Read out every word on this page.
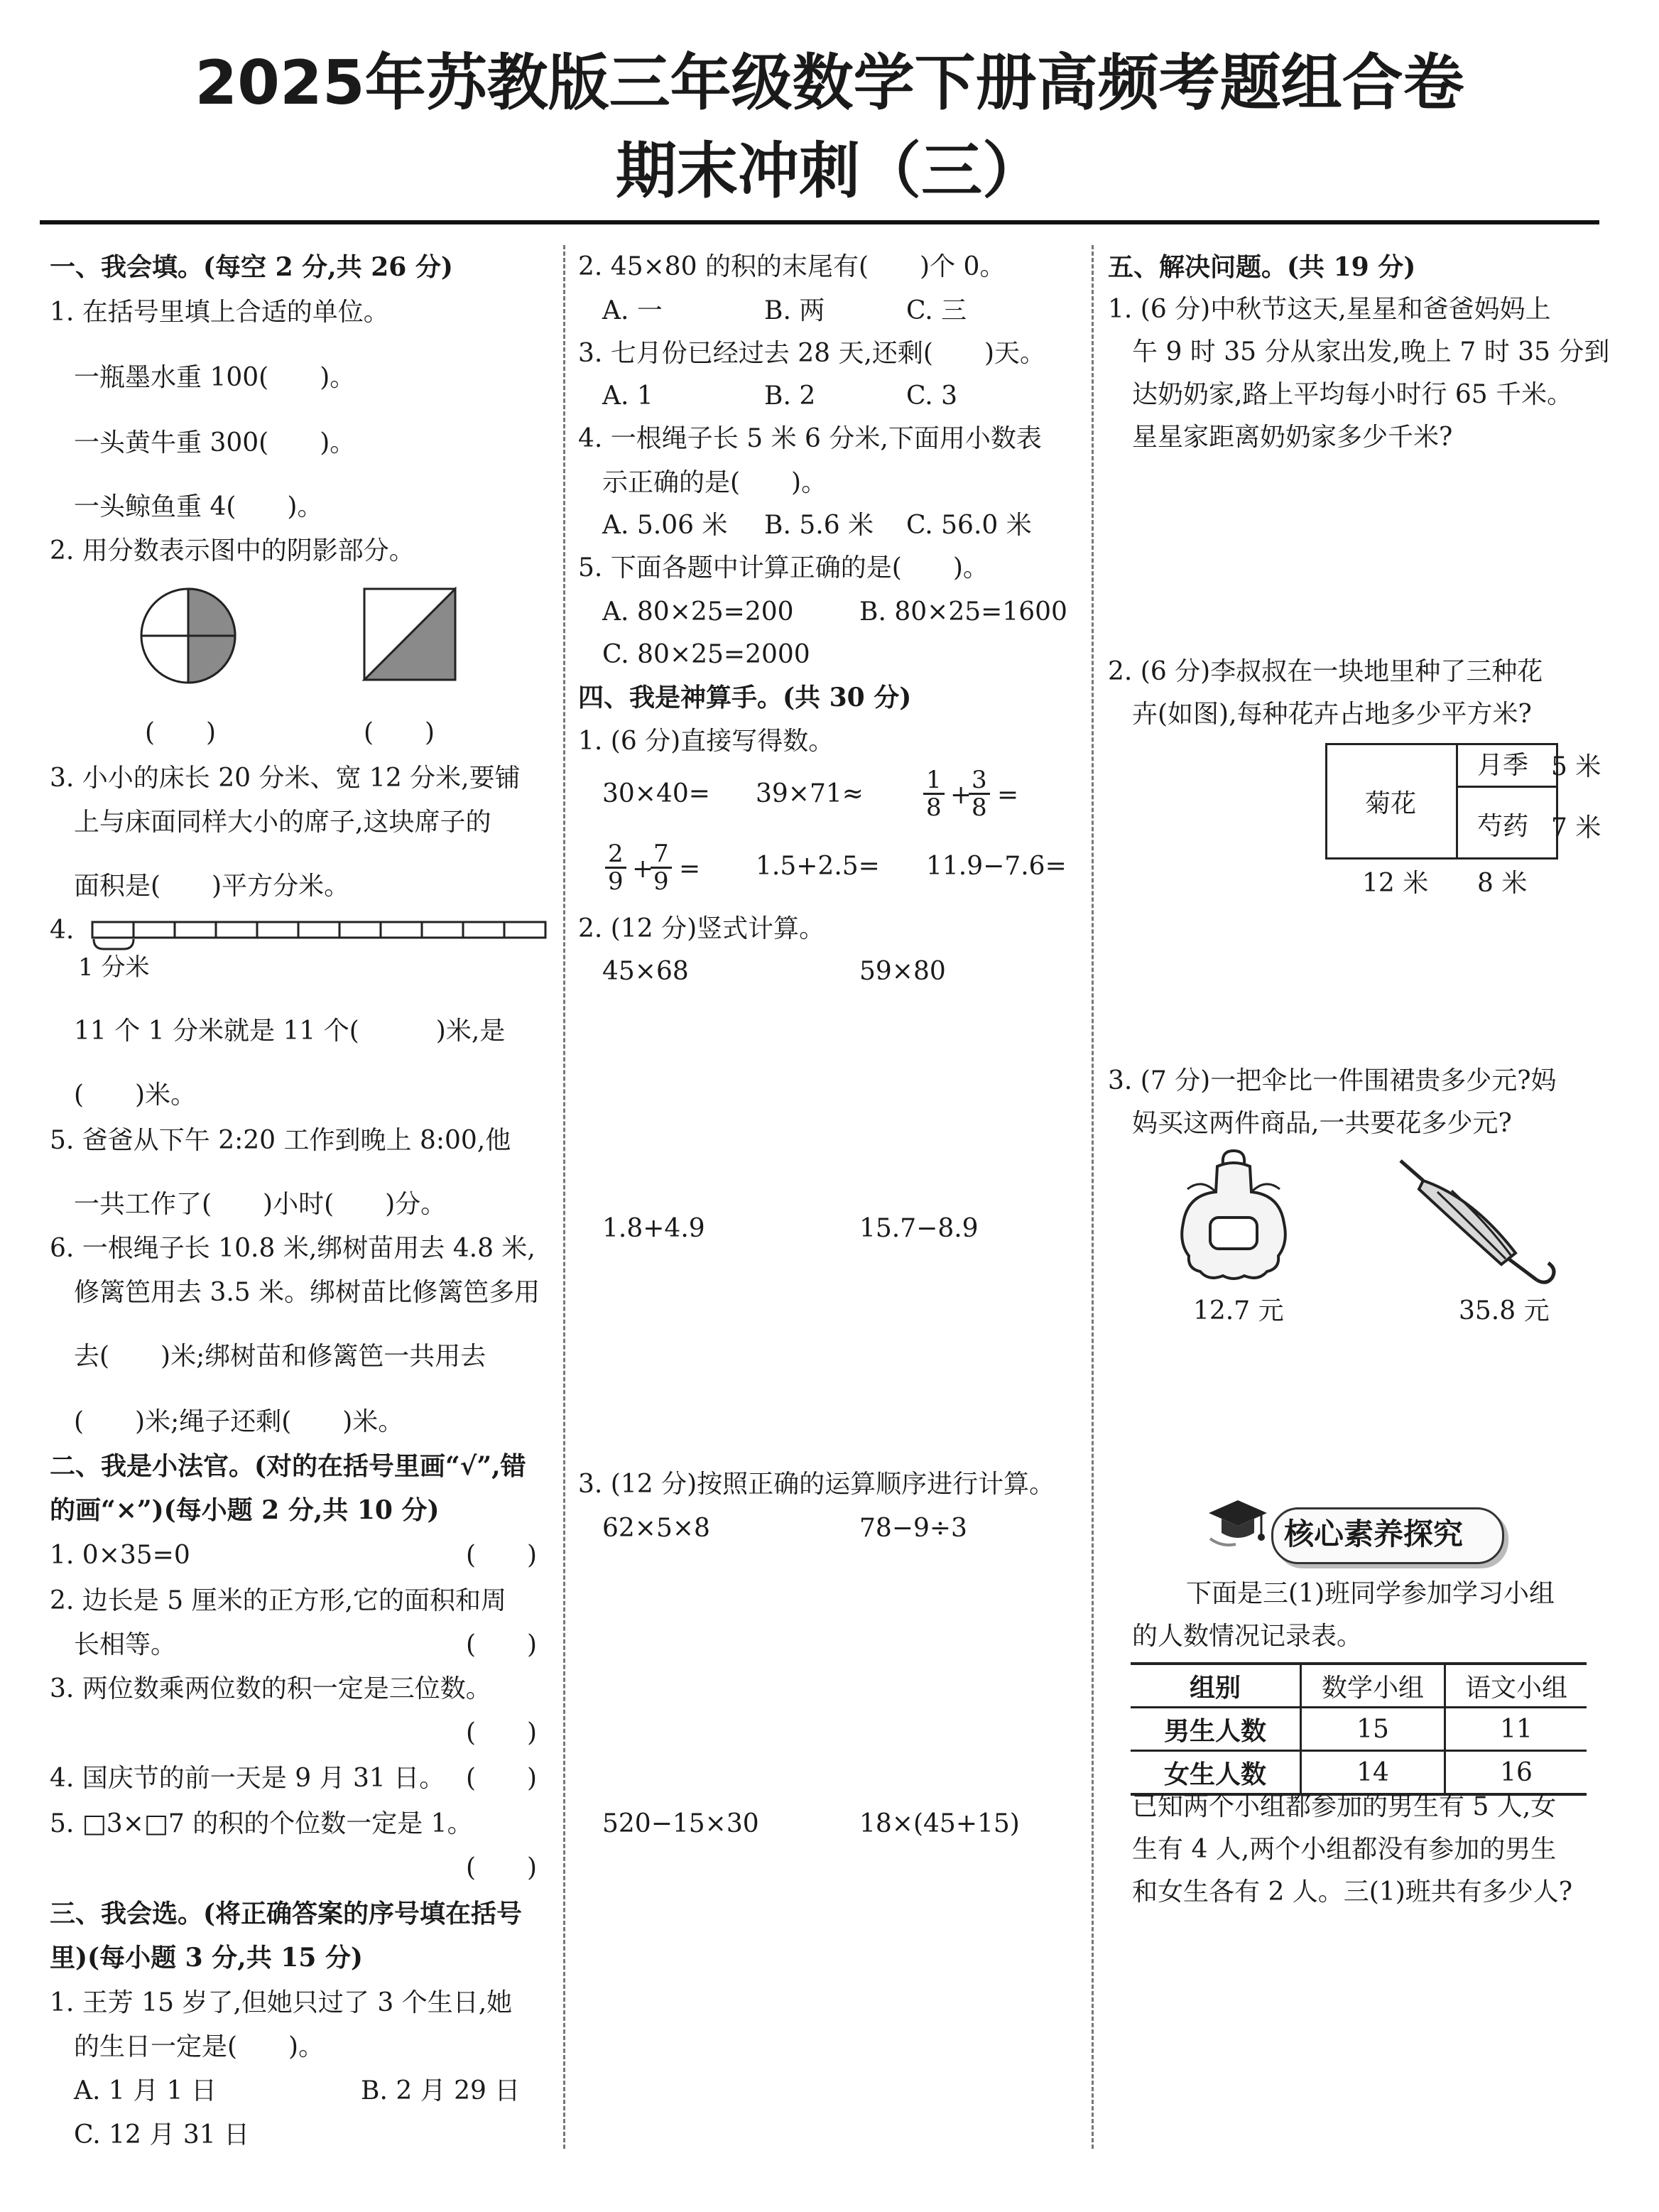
2025年苏教版三年级数学下册高频考题组合卷
期末冲刺（三）
一、我会填。(每空 2 分,共 26 分)
1. 在括号里填上合适的单位。
一瓶墨水重 100(　　)。
一头黄牛重 300(　　)。
一头鲸鱼重 4(　　)。
2. 用分数表示图中的阴影部分。
(　　)	(　　)
3. 小小的床长 20 分米、宽 12 分米,要铺
上与床面同样大小的席子,这块席子的
面积是(　　)平方分米。
4.
1 分米
11 个 1 分米就是 11 个(　　　)米,是
(　　)米。
5. 爸爸从下午 2:20 工作到晚上 8:00,他
一共工作了(　　)小时(　　)分。
6. 一根绳子长 10.8 米,绑树苗用去 4.8 米,
修篱笆用去 3.5 米。绑树苗比修篱笆多用
去(　　)米;绑树苗和修篱笆一共用去
(　　)米;绳子还剩(　　)米。
二、我是小法官。(对的在括号里画“√”,错
的画“×”)(每小题 2 分,共 10 分)
1. 0×35=0	(　　)
2. 边长是 5 厘米的正方形,它的面积和周
长相等。	(　　)
3. 两位数乘两位数的积一定是三位数。
(　　)
4. 国庆节的前一天是 9 月 31 日。 (　　)
5. □3×□7 的积的个位数一定是 1。
(　　)
三、我会选。(将正确答案的序号填在括号
里)(每小题 3 分,共 15 分)
1. 王芳 15 岁了,但她只过了 3 个生日,她
的生日一定是(　　)。
A. 1 月 1 日	B. 2 月 29 日
C. 12 月 31 日
2. 45×80 的积的末尾有(　　)个 0。
A. 一	B. 两	C. 三
3. 七月份已经过去 28 天,还剩(　　)天。
A. 1	B. 2	C. 3
4. 一根绳子长 5 米 6 分米,下面用小数表
示正确的是(　　)。
A. 5.06 米 B. 5.6 米 C. 56.0 米
5. 下面各题中计算正确的是(　　)。
A. 80×25=200	B. 80×25=1600
C. 80×25=2000
四、我是神算手。(共 30 分)
1. (6 分)直接写得数。
$30\times 40= 39\times 71\approx \frac{1}{8}$ +
$\frac{3}{8}$ =
$\frac{2}{9}$ +
$\frac{7}{9} = 1.5+2.5= 11.9-7.6=$
2. (12 分)竖式计算。
45×68	59×80
1.8+4.9	15.7−8.9
3. (12 分)按照正确的运算顺序进行计算。
62×5×8	78−9÷3
520−15×30	18×(45+15)
五、解决问题。(共 19 分)
1. (6 分)中秋节这天,星星和爸爸妈妈上
午 9 时 35 分从家出发,晚上 7 时 35 分到
达奶奶家,路上平均每小时行 65 千米。
星星家距离奶奶家多少千米?
2. (6 分)李叔叔在一块地里种了三种花
卉(如图),每种花卉占地多少平方米?
菊花
月季
芍药
5 米
7 米
12 米 8 米
3. (7 分)一把伞比一件围裙贵多少元?妈
妈买这两件商品,一共要花多少元?
12.7 元	35.8 元
核心素养探究
下面是三(1)班同学参加学习小组
的人数情况记录表。
组别	数学小组	语文小组
男生人数	15	11
女生人数	14	16
已知两个小组都参加的男生有 5 人,女
生有 4 人,两个小组都没有参加的男生
和女生各有 2 人。三(1)班共有多少人?
